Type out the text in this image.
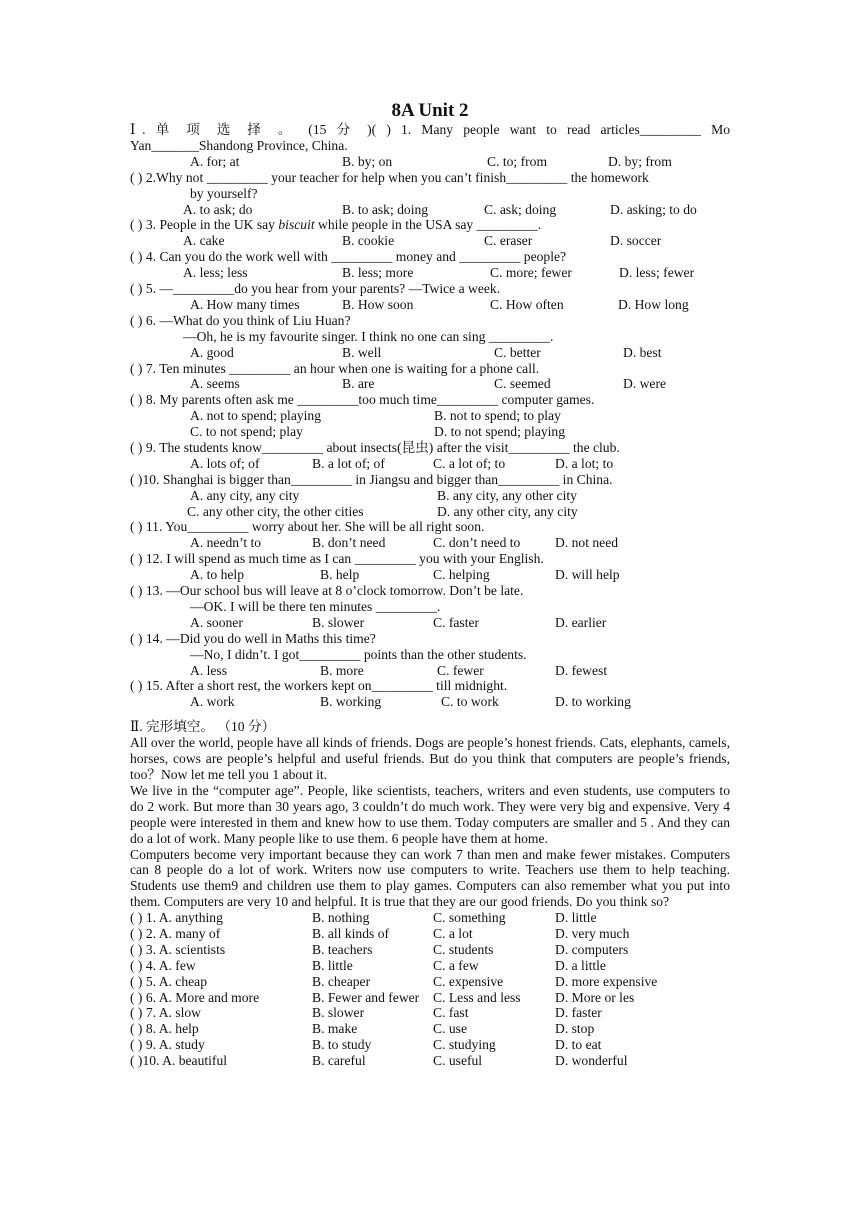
8A Unit 2
Ⅰ. 单 项 选 择 。 (15 分 )( ) 1. Many people want to read articles_________ Mo
Yan_______Shandong Province, China.
A. for; at	B. by; on	C. to; from	D. by; from
( ) 2.Why not _________ your teacher for help when you can’t finish_________ the homework
by yourself?
A. to ask; do	B. to ask; doing	C. ask; doing	D. asking; to do
( ) 3. People in the UK say biscuit while people in the USA say _________.
A. cake	B. cookie	C. eraser	D. soccer
( ) 4. Can you do the work well with _________ money and _________ people?
A. less; less	B. less; more	C. more; fewer	D. less; fewer
( ) 5. —_________do you hear from your parents? —Twice a week.
A. How many times	B. How soon	C. How often	D. How long
( ) 6. —What do you think of Liu Huan?
—Oh, he is my favourite singer. I think no one can sing _________.
A. good	B. well	C. better	D. best
( ) 7. Ten minutes _________ an hour when one is waiting for a phone call.
A. seems	B. are	C. seemed	D. were
( ) 8. My parents often ask me _________too much time_________ computer games.
A. not to spend; playing	B. not to spend; to play
C. to not spend; play	D. to not spend; playing
( ) 9. The students know_________ about insects(昆虫) after the visit_________ the club.
A. lots of; of	B. a lot of; of	C. a lot of; to	D. a lot; to
( )10. Shanghai is bigger than_________ in Jiangsu and bigger than_________ in China.
A. any city, any city	B. any city, any other city
C. any other city, the other cities	D. any other city, any city
( ) 11. You_________ worry about her. She will be all right soon.
A. needn’t to	B. don’t need	C. don’t need to	D. not need
( ) 12. I will spend as much time as I can _________ you with your English.
A. to help	B. help	C. helping	D. will help
( ) 13. —Our school bus will leave at 8 o’clock tomorrow. Don’t be late.
—OK. I will be there ten minutes _________.
A. sooner	B. slower	C. faster	D. earlier
( ) 14. —Did you do well in Maths this time?
—No, I didn’t. I got_________ points than the other students.
A. less	B. more	C. fewer	D. fewest
( ) 15. After a short rest, the workers kept on_________ till midnight.
A. work	B. working	C. to work	D. to working
Ⅱ. 完形填空。 （10 分）
All over the world, people have all kinds of friends. Dogs are people’s honest friends. Cats, elephants, camels, horses, cows are people’s helpful and useful friends. But do you think that computers are people’s friends, too？Now let me tell you 1 about it.
We live in the “computer age”. People, like scientists, teachers, writers and even students, use computers to do 2 work. But more than 30 years ago, 3 couldn’t do much work. They were very big and expensive. Very 4 people were interested in them and knew how to use them. Today computers are smaller and 5 . And they can do a lot of work. Many people like to use them. 6 people have them at home.
Computers become very important because they can work 7 than men and make fewer mistakes. Computers can 8 people do a lot of work. Writers now use computers to write. Teachers use them to help teaching. Students use them9 and children use them to play games. Computers can also remember what you put into them. Computers are very 10 and helpful. It is true that they are our good friends. Do you think so?
( ) 1. A. anything	B. nothing	C. something	D. little
( ) 2. A. many of	B. all kinds of	C. a lot	D. very much
( ) 3. A. scientists	B. teachers	C. students	D. computers
( ) 4. A. few	B. little	C. a few	D. a little
( ) 5. A. cheap	B. cheaper	C. expensive	D. more expensive
( ) 6. A. More and more	B. Fewer and fewer C. Less and less	D. More or les
( ) 7. A. slow	B. slower	C. fast	D. faster
( ) 8. A. help	B. make	C. use	D. stop
( ) 9. A. study	B. to study	C. studying	D. to eat
( )10. A. beautiful	B. careful	C. useful	D. wonderful
